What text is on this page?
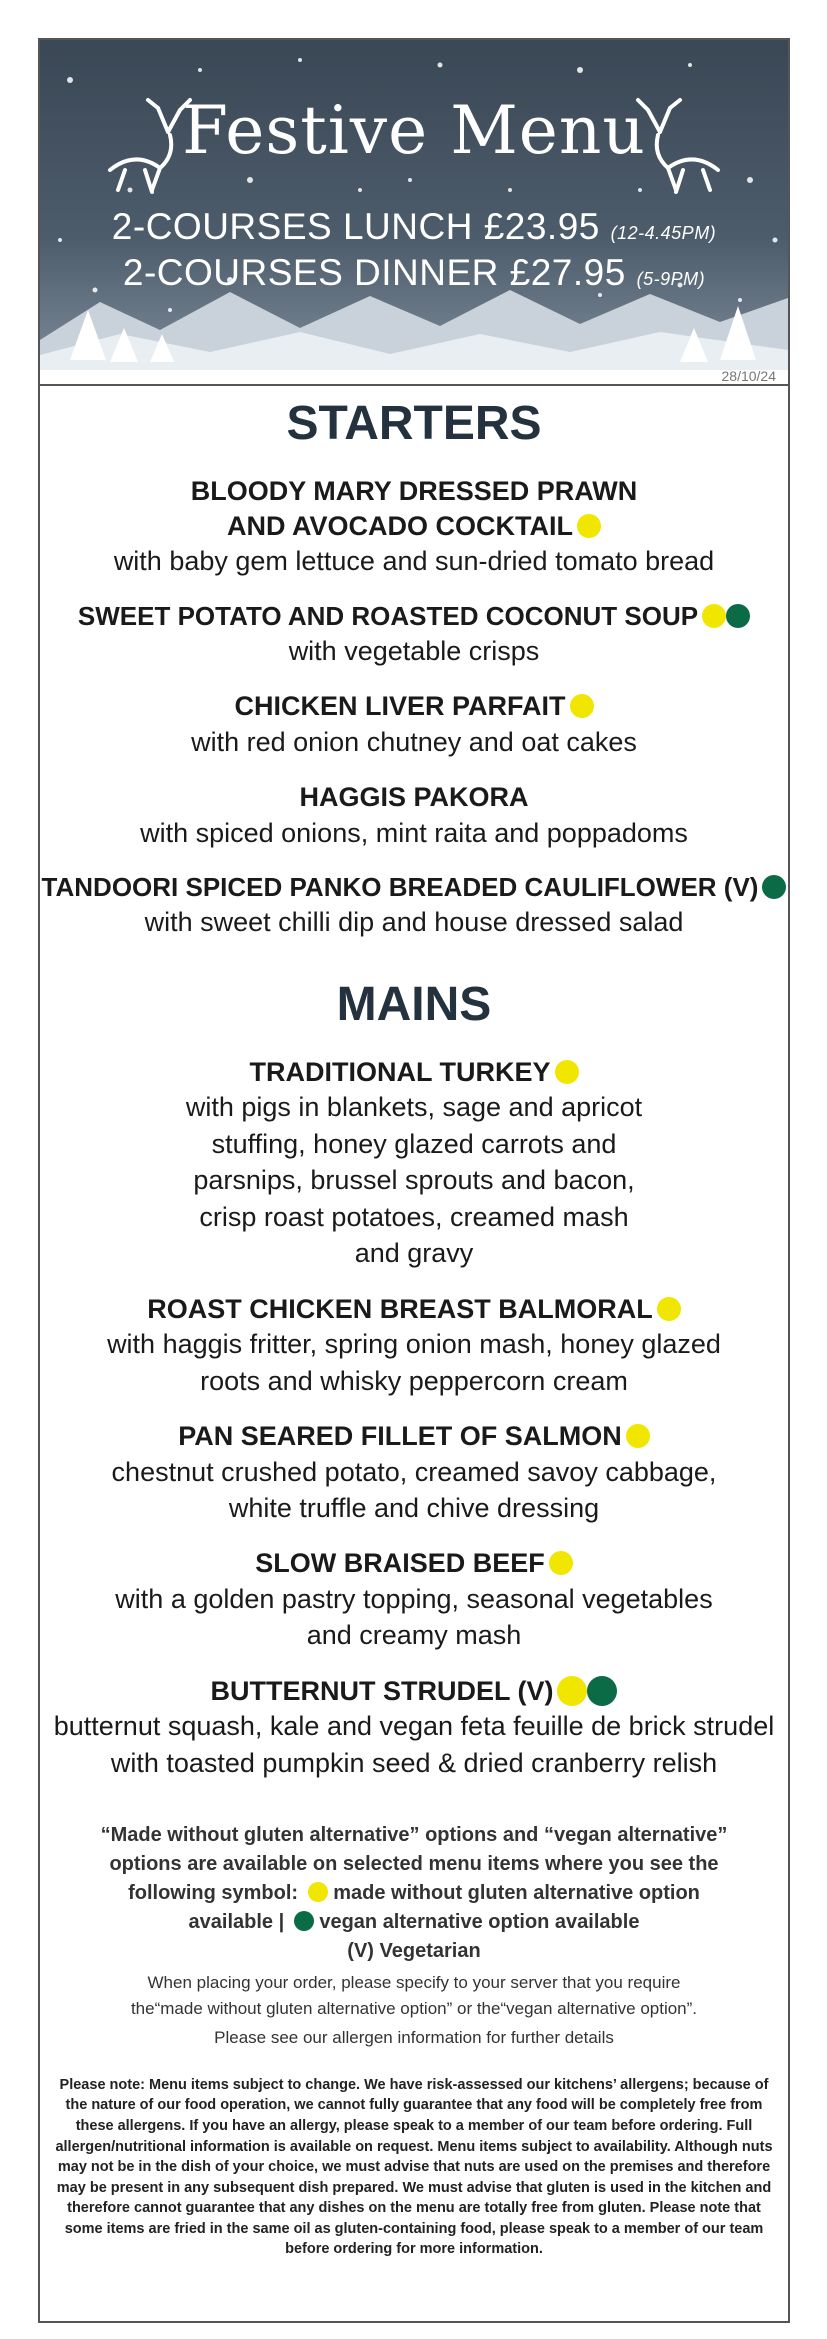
Festive Menu
2-COURSES LUNCH £23.95 (12-4.45PM)
2-COURSES DINNER £27.95 (5-9PM)
28/10/24
STARTERS
BLOODY MARY DRESSED PRAWN AND AVOCADO COCKTAIL
with baby gem lettuce and sun-dried tomato bread
SWEET POTATO AND ROASTED COCONUT SOUP
with vegetable crisps
CHICKEN LIVER PARFAIT
with red onion chutney and oat cakes
HAGGIS PAKORA
with spiced onions, mint raita and poppadoms
TANDOORI SPICED PANKO BREADED CAULIFLOWER (V)
with sweet chilli dip and house dressed salad
MAINS
TRADITIONAL TURKEY
with pigs in blankets, sage and apricot stuffing, honey glazed carrots and parsnips, brussel sprouts and bacon, crisp roast potatoes, creamed mash and gravy
ROAST CHICKEN BREAST BALMORAL
with haggis fritter, spring onion mash, honey glazed roots and whisky peppercorn cream
PAN SEARED FILLET OF SALMON
chestnut crushed potato, creamed savoy cabbage, white truffle and chive dressing
SLOW BRAISED BEEF
with a golden pastry topping, seasonal vegetables and creamy mash
BUTTERNUT STRUDEL (V)
butternut squash, kale and vegan feta feuille de brick strudel with toasted pumpkin seed & dried cranberry relish
“Made without gluten alternative” options and “vegan alternative” options are available on selected menu items where you see the following symbol: made without gluten alternative option available | vegan alternative option available
(V) Vegetarian
When placing your order, please specify to your server that you require the“made without gluten alternative option” or the“vegan alternative option”.
Please see our allergen information for further details
Please note: Menu items subject to change. We have risk-assessed our kitchens’ allergens; because of the nature of our food operation, we cannot fully guarantee that any food will be completely free from these allergens. If you have an allergy, please speak to a member of our team before ordering. Full allergen/nutritional information is available on request. Menu items subject to availability. Although nuts may not be in the dish of your choice, we must advise that nuts are used on the premises and therefore may be present in any subsequent dish prepared. We must advise that gluten is used in the kitchen and therefore cannot guarantee that any dishes on the menu are totally free from gluten. Please note that some items are fried in the same oil as gluten-containing food, please speak to a member of our team before ordering for more information.
